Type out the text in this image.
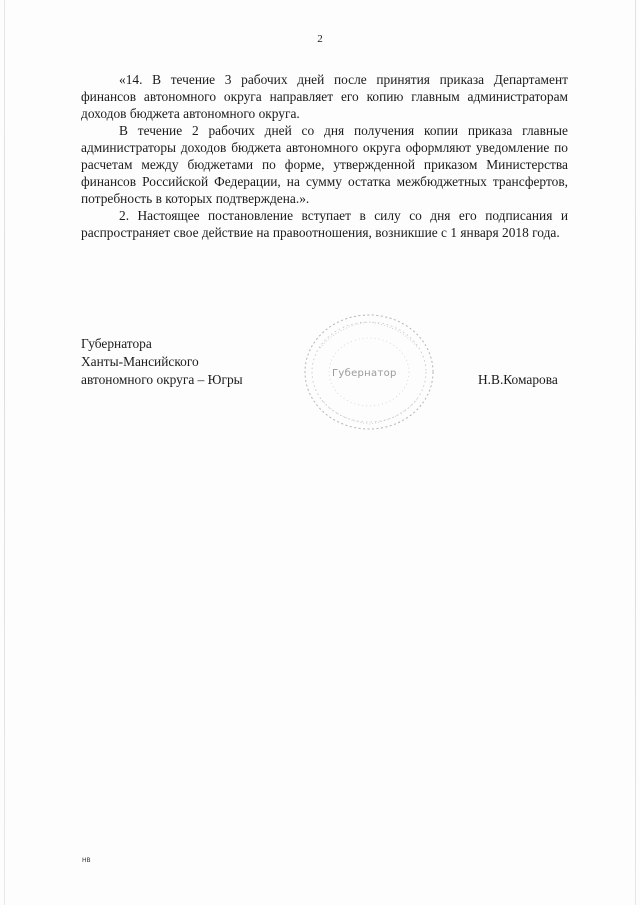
2

«14. В течение 3 рабочих дней после принятия приказа Департамент финансов автономного округа направляет его копию главным администраторам доходов бюджета автономного округа.

В течение 2 рабочих дней со дня получения копии приказа главные администраторы доходов бюджета автономного округа оформляют уведомление по расчетам между бюджетами по форме, утвержденной приказом Министерства финансов Российской Федерации, на сумму остатка межбюджетных трансфертов, потребность в которых подтверждена.».

2. Настоящее постановление вступает в силу со дня его подписания и распространяет свое действие на правоотношения, возникшие с 1 января 2018 года.

Губернатора
Ханты-Мансийского
автономного округа – Югры	Губернатор	Н.В.Комарова
НВ
